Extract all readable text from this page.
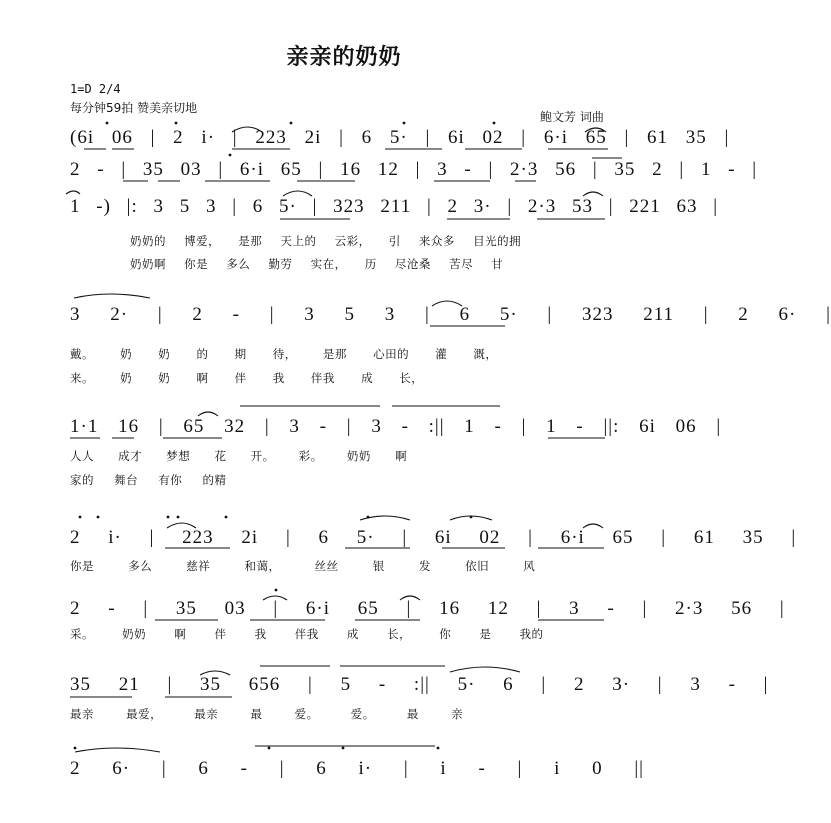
亲亲的奶奶
1=D 2/4
每分钟59拍 赞美亲切地
鲍文芳 词曲
(6i 06 | 2 i· | 223 2i | 6 5· | 6i 02 | 6·i 65 | 61 35 |
2 - | 35 03 | 6·i 65 | 16 12 | 3 - | 2·3 56 | 35 2 | 1 - |
1 -) |: 3 5 3 | 6 5· | 323 211 | 2 3· | 2·3 53 | 221 63 |
奶奶的 博爱， 是那 天上的 云彩， 引 来众多 目光的拥
奶奶啊 你是 多么 勤劳 实在， 历 尽沧桑 苦尽 甘
3 2· | 2 - | 3 5 3 | 6 5· | 323 211 | 2 6· |
戴。 奶 奶 的 期 待， 是那 心田的 灌 溉，
来。 奶 奶 啊 伴 我 伴我 成 长，
1·1 16 | 65 32 | 3 - | 3 - :|| 1 - | 1 - ||: 6i 06 |
人人 成才 梦想 花 开。 彩。 奶奶 啊
家的 舞台 有你 的精
2 i· | 223 2i | 6 5· | 6i 02 | 6·i 65 | 61 35 |
你是 多么 慈祥 和蔼， 丝丝 银 发 依旧 风
2 - | 35 03 | 6·i 65 | 16 12 | 3 - | 2·3 56 |
采。 奶奶 啊 伴 我 伴我 成 长， 你 是 我的
35 21 | 35 656 | 5 - :|| 5· 6 | 2 3· | 3 - |
最亲 最爱， 最亲 最 爱。 爱。 最 亲
2 6· | 6 - | 6 i· | i - | i 0 ||
